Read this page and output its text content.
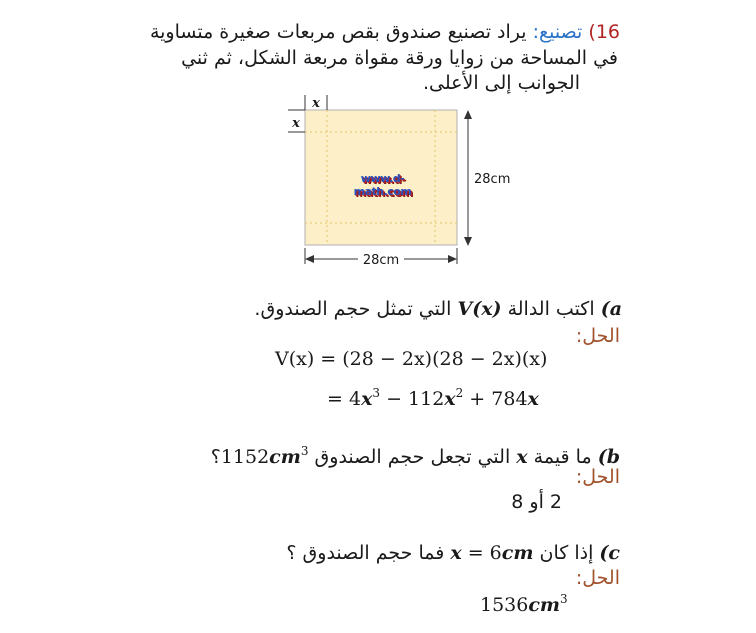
16) تصنيع: يراد تصنيع صندوق بقص مربعات صغيرة متساوية
في المساحة من زوايا ورقة مقواة مربعة الشكل، ثم ثني
الجوانب إلى الأعلى.
x
x
28cm
28cm
www.d-math.com
a) اكتب الدالة V(x) التي تمثل حجم الصندوق.
الحل:
V(x) = (28 − 2x)(28 − 2x)(x)
= $4x^3 - 112x^2 + 784x$
b) ما قيمة x التي تجعل حجم الصندوق $1152cm^3؟$
الحل:
2 أو 8
c) إذا كان x = 6cm فما حجم الصندوق ؟
الحل:
$1536cm^3$
